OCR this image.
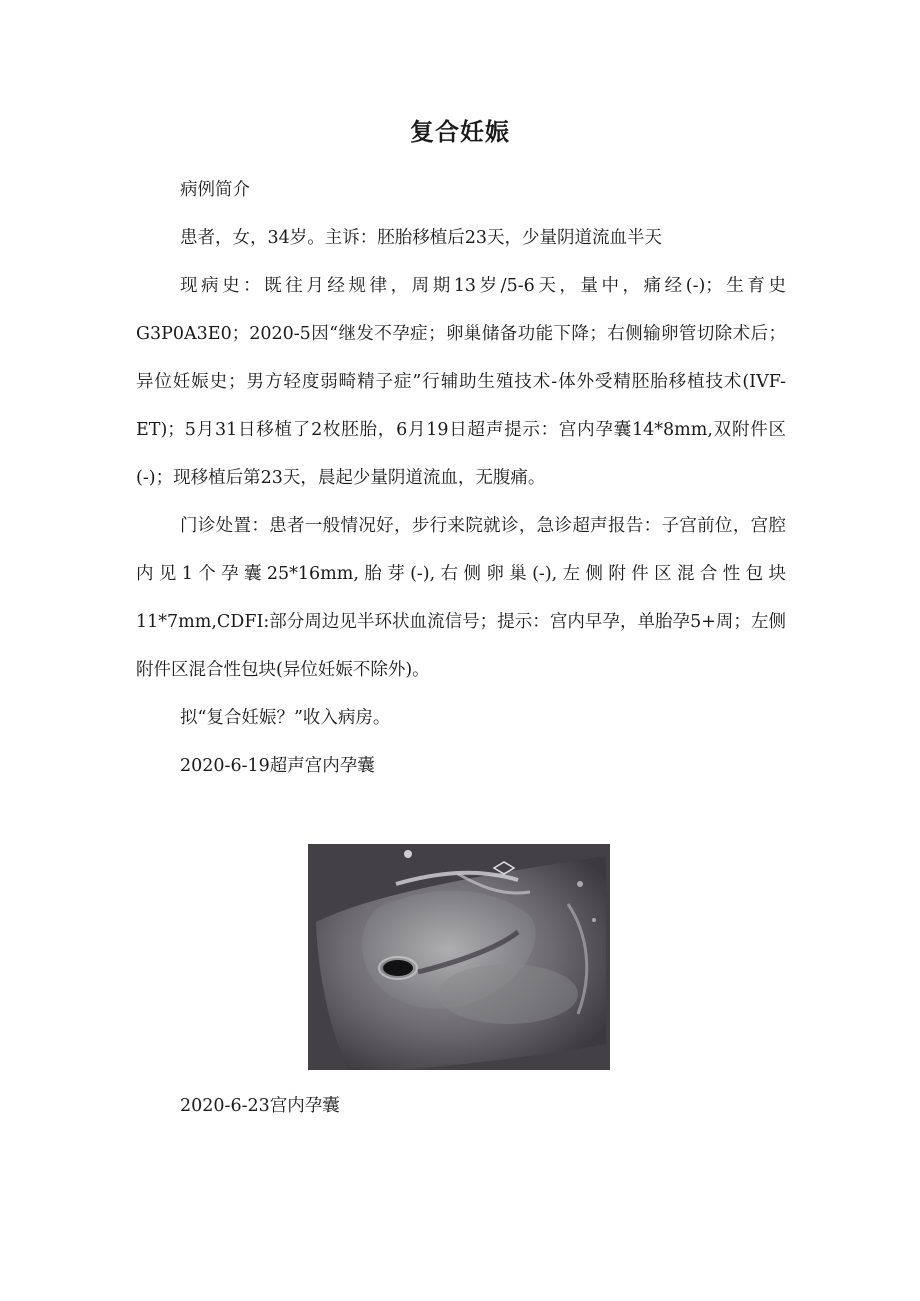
复合妊娠

病例简介

患者，女，34岁。主诉：胚胎移植后23天，少量阴道流血半天

现病史：既往月经规律，周期13岁/5-6天，量中，痛经(-)；生育史G3P0A3E0；2020-5因“继发不孕症；卵巢储备功能下降；右侧输卵管切除术后；异位妊娠史；男方轻度弱畸精子症”行辅助生殖技术-体外受精胚胎移植技术(IVF-ET)；5月31日移植了2枚胚胎，6月19日超声提示：宫内孕囊14*8mm,双附件区(-)；现移植后第23天，晨起少量阴道流血，无腹痛。

门诊处置：患者一般情况好，步行来院就诊，急诊超声报告：子宫前位，宫腔内见1个孕囊25*16mm,胎芽(-),右侧卵巢(-),左侧附件区混合性包块11*7mm,CDFI:部分周边见半环状血流信号；提示：宫内早孕，单胎孕5+周；左侧附件区混合性包块(异位妊娠不除外)。

拟“复合妊娠？”收入病房。

2020-6-19超声宫内孕囊

2020-6-23宫内孕囊
